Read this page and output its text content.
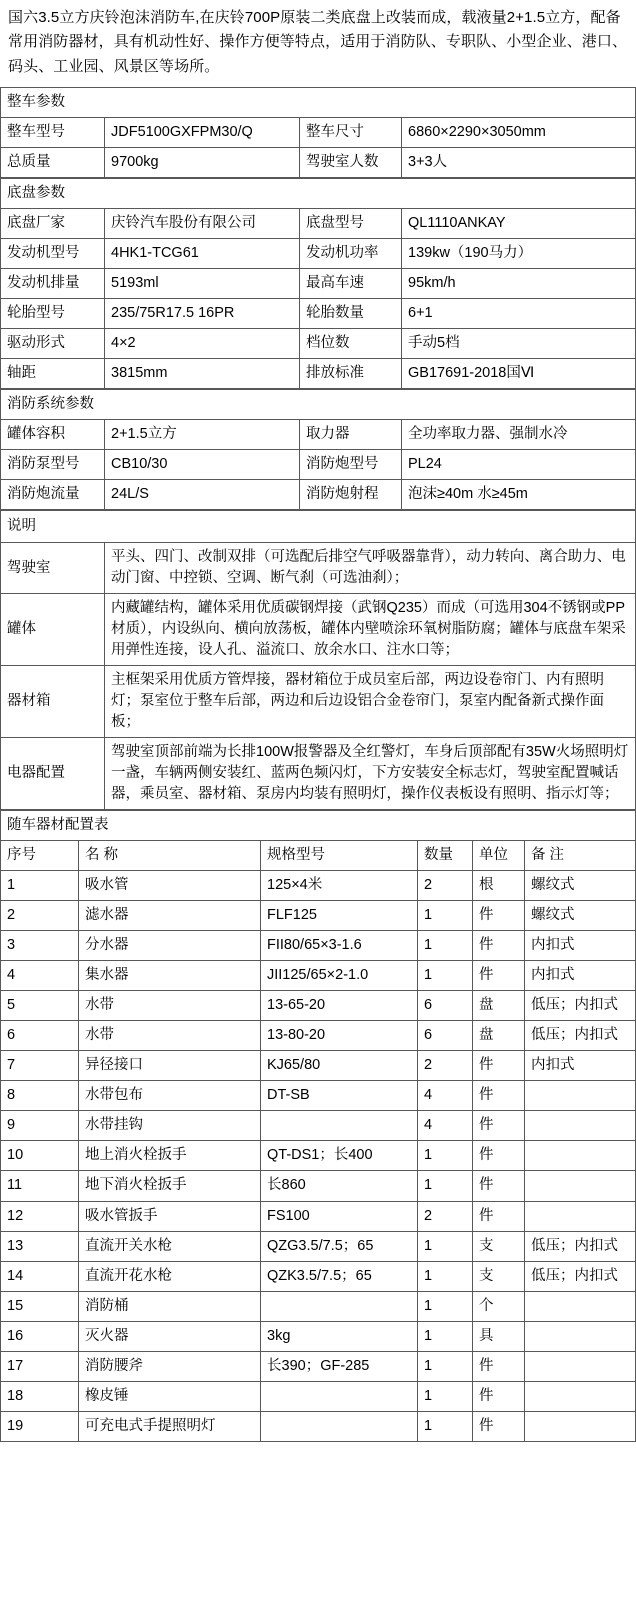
国六3.5立方庆铃泡沫消防车,在庆铃700P原装二类底盘上改装而成，载液量2+1.5立方，配备常用消防器材，具有机动性好、操作方便等特点，适用于消防队、专职队、小型企业、港口、码头、工业园、风景区等场所。
整车参数			
整车型号	JDF5100GXFPM30/Q	整车尺寸	6860×2290×3050mm
总质量	9700kg	驾驶室人数	3+3人
底盘参数			
底盘厂家	庆铃汽车股份有限公司	底盘型号	QL1110ANKAY
发动机型号	4HK1-TCG61	发动机功率	139kw（190马力）
发动机排量	5193ml	最高车速	95km/h
轮胎型号	235/75R17.5 16PR	轮胎数量	6+1
驱动形式	4×2	档位数	手动5档
轴距	3815mm	排放标准	GB17691-2018国Ⅵ
消防系统参数			
罐体容积	2+1.5立方	取力器	全功率取力器、强制水冷
消防泵型号	CB10/30	消防炮型号	PL24
消防炮流量	24L/S	消防炮射程	泡沫≥40m 水≥45m
说明	
驾驶室	平头、四门、改制双排（可选配后排空气呼吸器靠背），动力转向、离合助力、电动门窗、中控锁、空调、断气刹（可选油刹）；
罐体	内藏罐结构，罐体采用优质碳钢焊接（武钢Q235）而成（可选用304不锈钢或PP材质），内设纵向、横向放荡板，罐体内壁喷涂环氧树脂防腐；罐体与底盘车架采用弹性连接，设人孔、溢流口、放余水口、注水口等；
器材箱	主框架采用优质方管焊接，器材箱位于成员室后部，两边设卷帘门、内有照明灯；泵室位于整车后部，两边和后边设铝合金卷帘门，泵室内配备新式操作面板；
电器配置	驾驶室顶部前端为长排100W报警器及全红警灯，车身后顶部配有35W火场照明灯一盏，车辆两侧安装红、蓝两色频闪灯，下方安装安全标志灯，驾驶室配置喊话器，乘员室、器材箱、泵房内均装有照明灯，操作仪表板设有照明、指示灯等；
随车器材配置表					
序号	名 称	规格型号	数量	单位	备 注
1	吸水管	125×4米	2	根	螺纹式
2	滤水器	FLF125	1	件	螺纹式
3	分水器	FII80/65×3-1.6	1	件	内扣式
4	集水器	JII125/65×2-1.0	1	件	内扣式
5	水带	13-65-20	6	盘	低压；内扣式
6	水带	13-80-20	6	盘	低压；内扣式
7	异径接口	KJ65/80	2	件	内扣式
8	水带包布	DT-SB	4	件	
9	水带挂钩		4	件	
10	地上消火栓扳手	QT-DS1；长400	1	件	
11	地下消火栓扳手	长860	1	件	
12	吸水管扳手	FS100	2	件	
13	直流开关水枪	QZG3.5/7.5；65	1	支	低压；内扣式
14	直流开花水枪	QZK3.5/7.5；65	1	支	低压；内扣式
15	消防桶		1	个	
16	灭火器	3kg	1	具	
17	消防腰斧	长390；GF-285	1	件	
18	橡皮锤		1	件	
19	可充电式手提照明灯		1	件	
